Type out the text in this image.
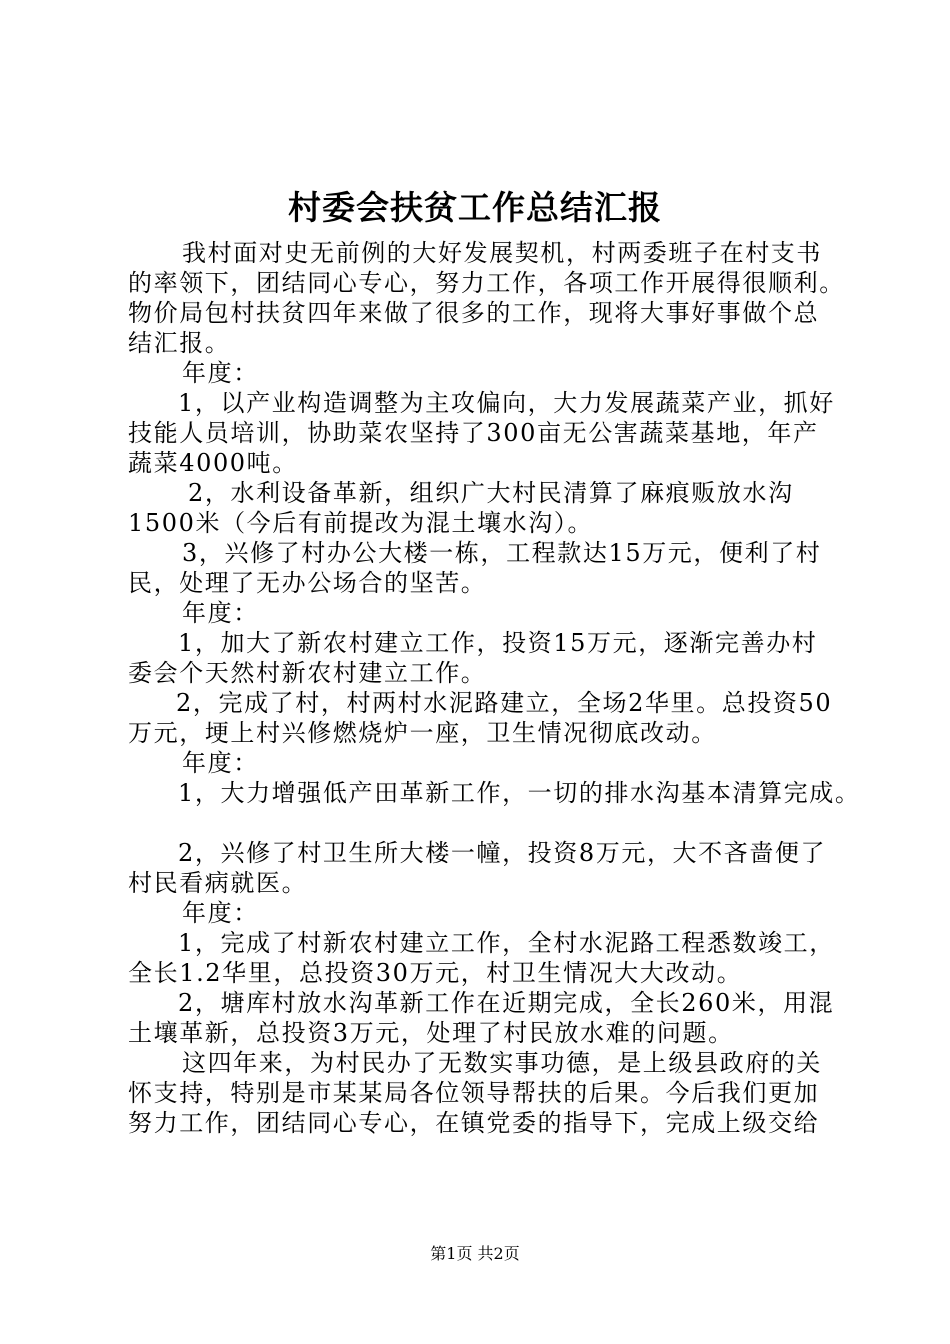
村委会扶贫工作总结汇报
我村面对史无前例的大好发展契机，村两委班子在村支书
的率领下，团结同心专心，努力工作，各项工作开展得很顺利。
物价局包村扶贫四年来做了很多的工作，现将大事好事做个总
结汇报。
年度：
1，以产业构造调整为主攻偏向，大力发展蔬菜产业，抓好
技能人员培训，协助菜农坚持了300亩无公害蔬菜基地，年产
蔬菜4000吨。
2，水利设备革新，组织广大村民清算了麻痕贩放水沟
1500米（今后有前提改为混土壤水沟）。
3，兴修了村办公大楼一栋，工程款达15万元，便利了村
民，处理了无办公场合的坚苦。
年度：
1，加大了新农村建立工作，投资15万元，逐渐完善办村
委会个天然村新农村建立工作。
2，完成了村，村两村水泥路建立，全场2华里。总投资50
万元，埂上村兴修燃烧炉一座，卫生情况彻底改动。
年度：
1，大力增强低产田革新工作，一切的排水沟基本清算完成。
2，兴修了村卫生所大楼一幢，投资8万元，大不吝啬便了
村民看病就医。
年度：
1，完成了村新农村建立工作，全村水泥路工程悉数竣工，
全长1.2华里，总投资30万元，村卫生情况大大改动。
2，塘库村放水沟革新工作在近期完成，全长260米，用混
土壤革新，总投资3万元，处理了村民放水难的问题。
这四年来，为村民办了无数实事功德，是上级县政府的关
怀支持，特别是市某某局各位领导帮扶的后果。今后我们更加
努力工作，团结同心专心，在镇党委的指导下，完成上级交给
第1页 共2页
